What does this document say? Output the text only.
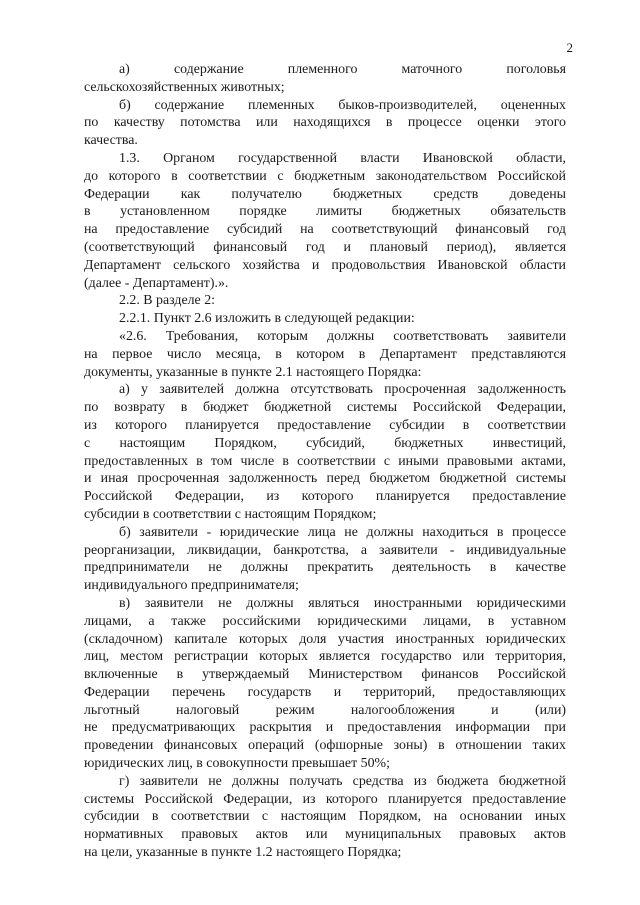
2
а) содержание племенного маточного поголовья
сельскохозяйственных животных;
б) содержание племенных быков-производителей, оцененных
по качеству потомства или находящихся в процессе оценки этого
качества.
1.3. Органом государственной власти Ивановской области,
до которого в соответствии с бюджетным законодательством Российской
Федерации как получателю бюджетных средств доведены
в установленном порядке лимиты бюджетных обязательств
на предоставление субсидий на соответствующий финансовый год
(соответствующий финансовый год и плановый период), является
Департамент сельского хозяйства и продовольствия Ивановской области
(далее - Департамент).».
2.2. В разделе 2:
2.2.1. Пункт 2.6 изложить в следующей редакции:
«2.6. Требования, которым должны соответствовать заявители
на первое число месяца, в котором в Департамент представляются
документы, указанные в пункте 2.1 настоящего Порядка:
а) у заявителей должна отсутствовать просроченная задолженность
по возврату в бюджет бюджетной системы Российской Федерации,
из которого планируется предоставление субсидии в соответствии
с настоящим Порядком, субсидий, бюджетных инвестиций,
предоставленных в том числе в соответствии с иными правовыми актами,
и иная просроченная задолженность перед бюджетом бюджетной системы
Российской Федерации, из которого планируется предоставление
субсидии в соответствии с настоящим Порядком;
б) заявители - юридические лица не должны находиться в процессе
реорганизации, ликвидации, банкротства, а заявители - индивидуальные
предприниматели не должны прекратить деятельность в качестве
индивидуального предпринимателя;
в) заявители не должны являться иностранными юридическими
лицами, а также российскими юридическими лицами, в уставном
(складочном) капитале которых доля участия иностранных юридических
лиц, местом регистрации которых является государство или территория,
включенные в утверждаемый Министерством финансов Российской
Федерации перечень государств и территорий, предоставляющих
льготный налоговый режим налогообложения и (или)
не предусматривающих раскрытия и предоставления информации при
проведении финансовых операций (офшорные зоны) в отношении таких
юридических лиц, в совокупности превышает 50%;
г) заявители не должны получать средства из бюджета бюджетной
системы Российской Федерации, из которого планируется предоставление
субсидии в соответствии с настоящим Порядком, на основании иных
нормативных правовых актов или муниципальных правовых актов
на цели, указанные в пункте 1.2 настоящего Порядка;
